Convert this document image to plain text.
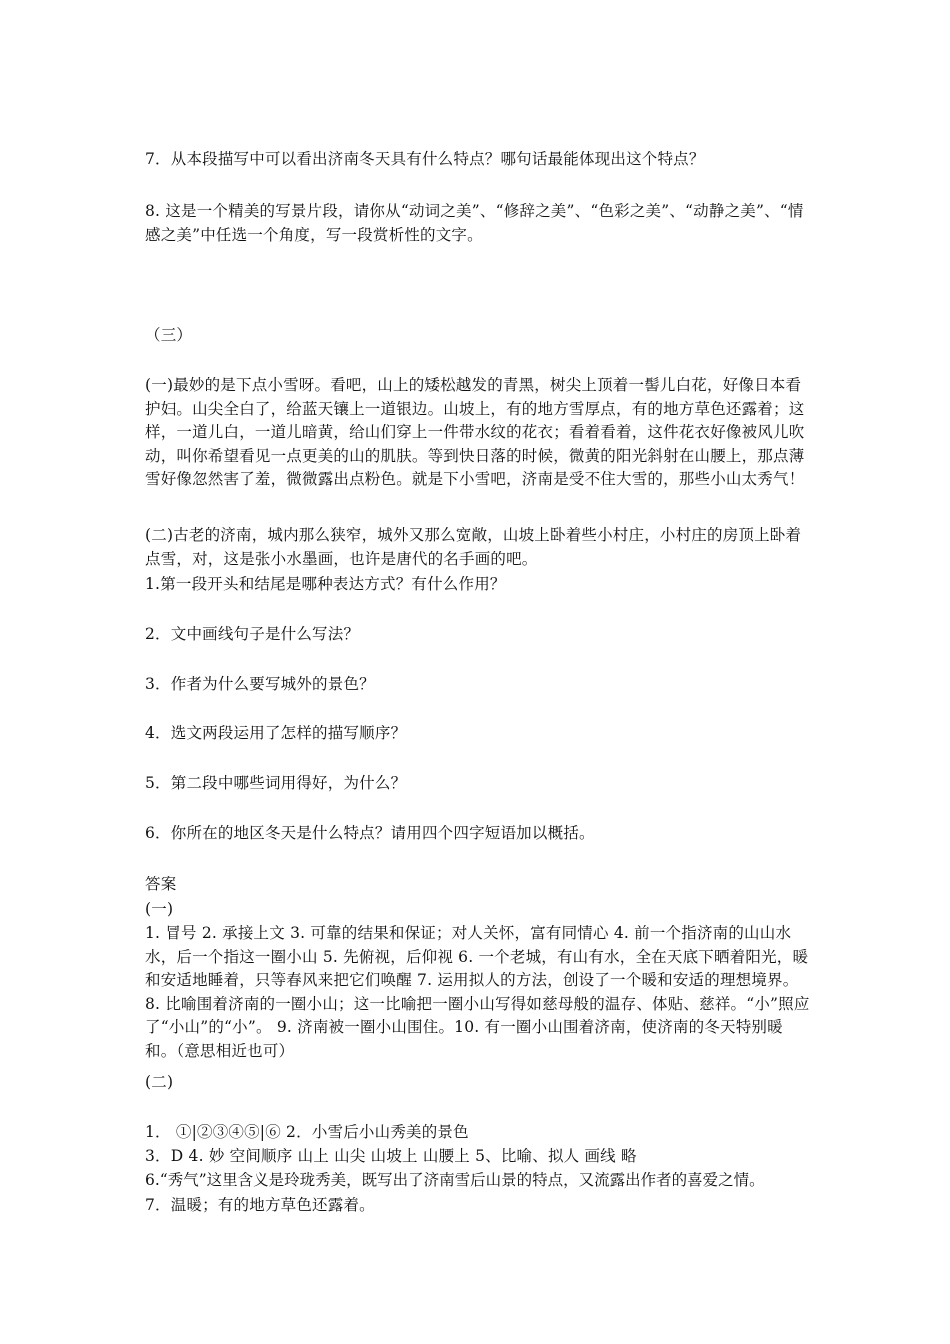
7．从本段描写中可以看出济南冬天具有什么特点？哪句话最能体现出这个特点？
8. 这是一个精美的写景片段，请你从“动词之美”、“修辞之美”、“色彩之美”、“动静之美”、“情感之美”中任选一个角度，写一段赏析性的文字。
（三）
(一)最妙的是下点小雪呀。看吧，山上的矮松越发的青黑，树尖上顶着一髻儿白花，好像日本看护妇。山尖全白了，给蓝天镶上一道银边。山坡上，有的地方雪厚点，有的地方草色还露着；这样，一道儿白，一道儿暗黄，给山们穿上一件带水纹的花衣；看着看着，这件花衣好像被风儿吹动，叫你希望看见一点更美的山的肌肤。等到快日落的时候，微黄的阳光斜射在山腰上，那点薄雪好像忽然害了羞，微微露出点粉色。就是下小雪吧，济南是受不住大雪的，那些小山太秀气！
(二)古老的济南，城内那么狭窄，城外又那么宽敞，山坡上卧着些小村庄，小村庄的房顶上卧着点雪，对，这是张小水墨画，也许是唐代的名手画的吧。
1.第一段开头和结尾是哪种表达方式？有什么作用？
2．文中画线句子是什么写法？
3．作者为什么要写城外的景色？
4．选文两段运用了怎样的描写顺序？
5．第二段中哪些词用得好，为什么？
6．你所在的地区冬天是什么特点？请用四个四字短语加以概括。
答案
(一)
1. 冒号 2. 承接上文 3. 可靠的结果和保证；对人关怀，富有同情心 4. 前一个指济南的山山水水，后一个指这一圈小山 5. 先俯视，后仰视 6. 一个老城，有山有水，全在天底下晒着阳光，暖和安适地睡着，只等春风来把它们唤醒 7. 运用拟人的方法，创设了一个暖和安适的理想境界。 8. 比喻围着济南的一圈小山；这一比喻把一圈小山写得如慈母般的温存、体贴、慈祥。“小”照应了“小山”的“小”。 9. 济南被一圈小山围住。10. 有一圈小山围着济南，使济南的冬天特别暖和。（意思相近也可）
(二)
1． ①|②③④⑤|⑥ 2．小雪后小山秀美的景色
3．D 4. 妙 空间顺序 山上 山尖 山坡上 山腰上 5、比喻、拟人 画线 略
6.“秀气”这里含义是玲珑秀美，既写出了济南雪后山景的特点，又流露出作者的喜爱之情。
7．温暖；有的地方草色还露着。
